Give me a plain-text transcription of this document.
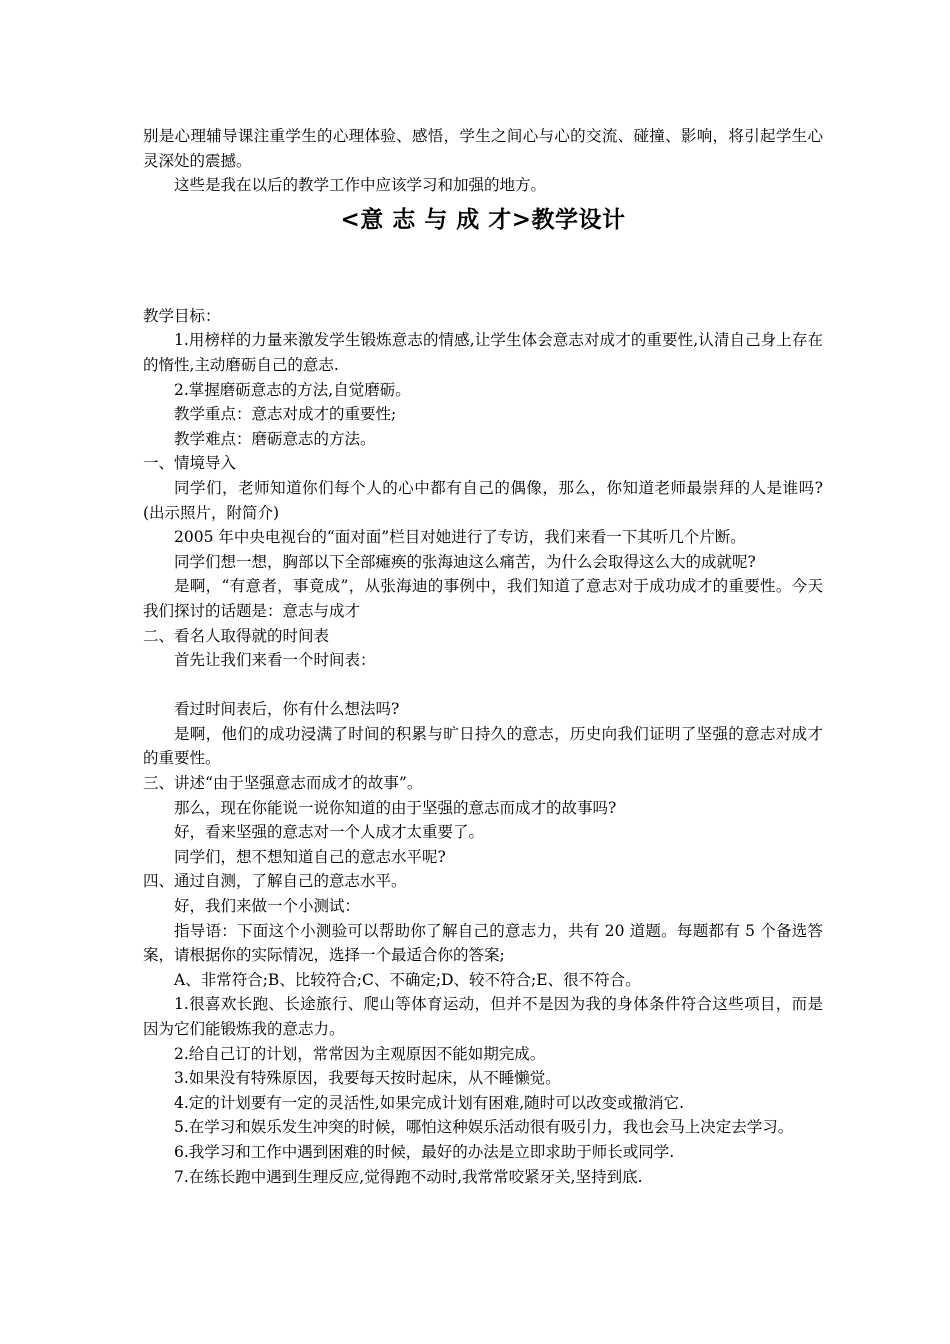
别是心理辅导课注重学生的心理体验、感悟，学生之间心与心的交流、碰撞、影响，将引起学生心灵深处的震撼。

这些是我在以后的教学工作中应该学习和加强的地方。

<意 志 与 成 才>教学设计

教学目标：

1.用榜样的力量来激发学生锻炼意志的情感,让学生体会意志对成才的重要性,认清自己身上存在的惰性,主动磨砺自己的意志.

2.掌握磨砺意志的方法,自觉磨砺。

教学重点：意志对成才的重要性;

教学难点：磨砺意志的方法。

一、情境导入

同学们，老师知道你们每个人的心中都有自己的偶像，那么，你知道老师最崇拜的人是谁吗?(出示照片，附简介)

2005 年中央电视台的“面对面”栏目对她进行了专访，我们来看一下其听几个片断。

同学们想一想，胸部以下全部瘫痪的张海迪这么痛苦，为什么会取得这么大的成就呢?

是啊，“有意者，事竟成”，从张海迪的事例中，我们知道了意志对于成功成才的重要性。今天我们探讨的话题是：意志与成才

二、看名人取得就的时间表

首先让我们来看一个时间表：

看过时间表后，你有什么想法吗?

是啊，他们的成功浸满了时间的积累与旷日持久的意志，历史向我们证明了坚强的意志对成才的重要性。

三、讲述“由于坚强意志而成才的故事”。

那么，现在你能说一说你知道的由于坚强的意志而成才的故事吗?

好，看来坚强的意志对一个人成才太重要了。

同学们，想不想知道自己的意志水平呢?

四、通过自测，了解自己的意志水平。

好，我们来做一个小测试：

指导语：下面这个小测验可以帮助你了解自己的意志力，共有 20 道题。每题都有 5 个备选答案，请根据你的实际情况，选择一个最适合你的答案;

A、非常符合;B、比较符合;C、不确定;D、较不符合;E、很不符合。

1.很喜欢长跑、长途旅行、爬山等体育运动，但并不是因为我的身体条件符合这些项目，而是因为它们能锻炼我的意志力。

2.给自己订的计划，常常因为主观原因不能如期完成。

3.如果没有特殊原因，我要每天按时起床，从不睡懒觉。

4.定的计划要有一定的灵活性,如果完成计划有困难,随时可以改变或撤消它.

5.在学习和娱乐发生冲突的时候，哪怕这种娱乐活动很有吸引力，我也会马上决定去学习。

6.我学习和工作中遇到困难的时候，最好的办法是立即求助于师长或同学.

7.在练长跑中遇到生理反应,觉得跑不动时,我常常咬紧牙关,坚持到底.
